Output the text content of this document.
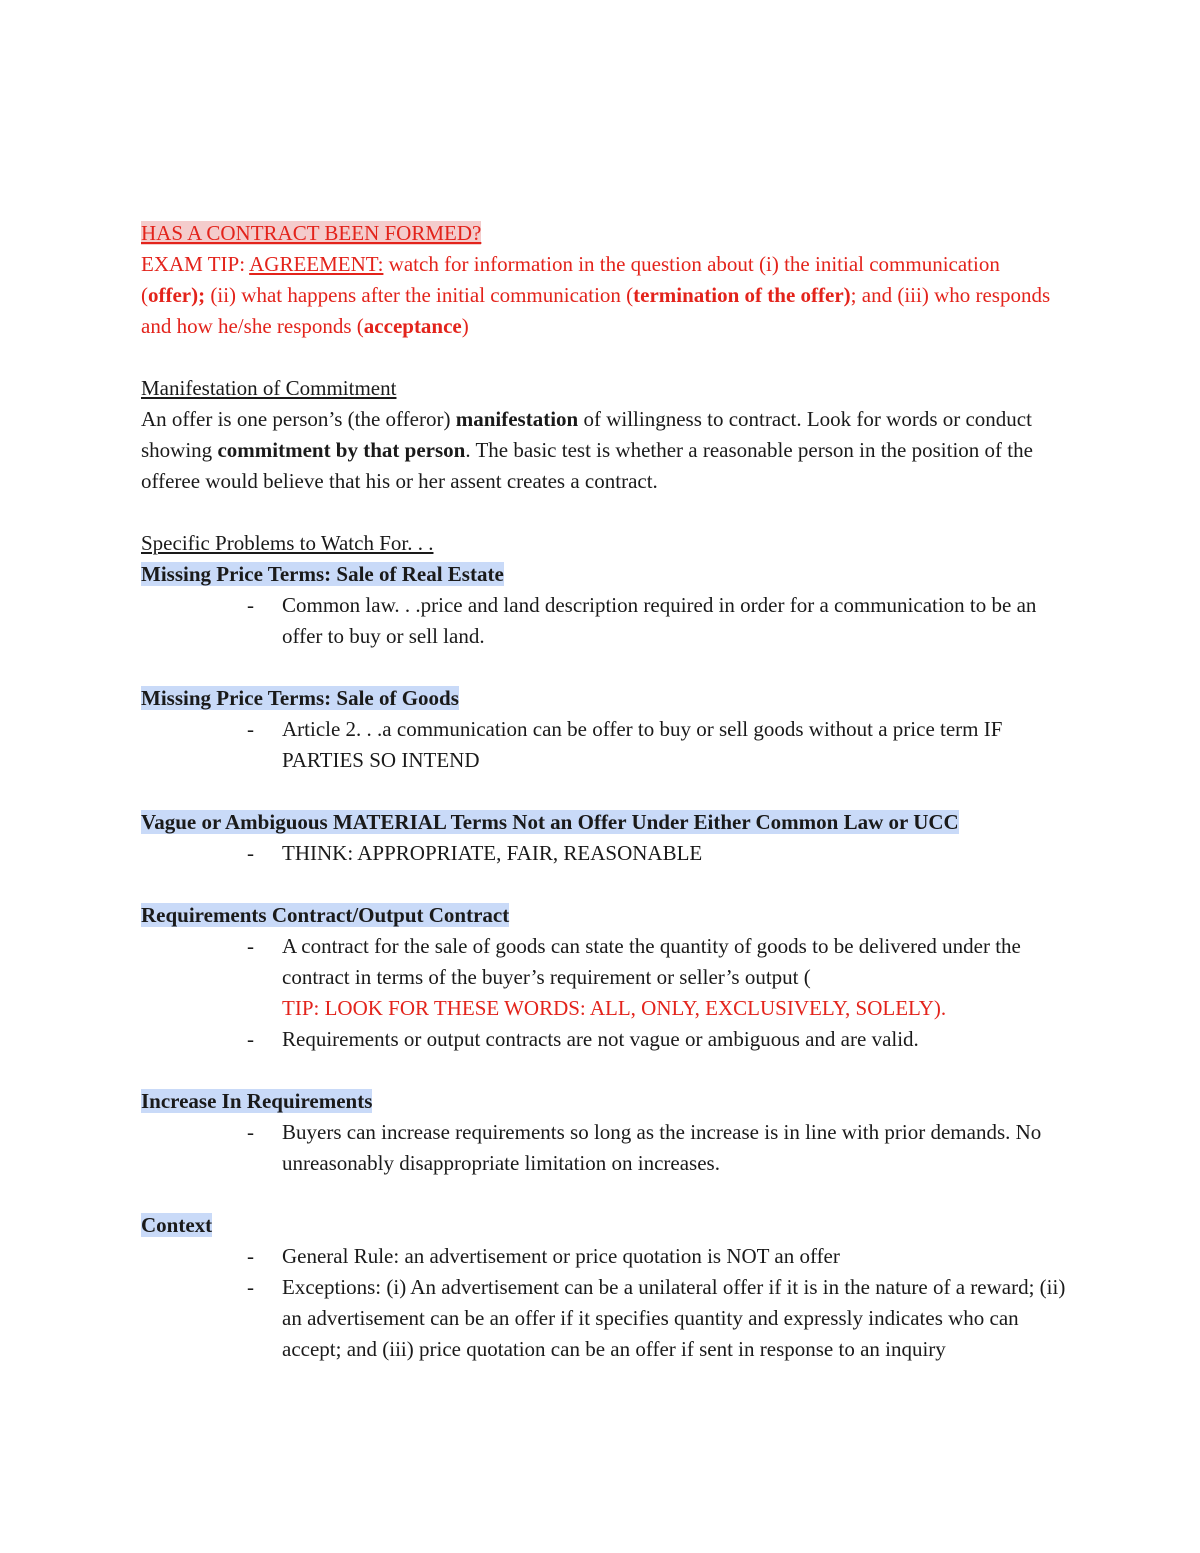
HAS A CONTRACT BEEN FORMED?

EXAM TIP: AGREEMENT: watch for information in the question about (i) the initial communication (offer); (ii) what happens after the initial communication (termination of the offer); and (iii) who responds and how he/she responds (acceptance)

Manifestation of Commitment

An offer is one person’s (the offeror) manifestation of willingness to contract. Look for words or conduct showing commitment by that person. The basic test is whether a reasonable person in the position of the offeree would believe that his or her assent creates a contract.

Specific Problems to Watch For. . .

Missing Price Terms: Sale of Real Estate

- Common law. . .price and land description required in order for a communication to be an offer to buy or sell land.

Missing Price Terms: Sale of Goods

- Article 2. . .a communication can be offer to buy or sell goods without a price term IF PARTIES SO INTEND

Vague or Ambiguous MATERIAL Terms Not an Offer Under Either Common Law or UCC

- THINK: APPROPRIATE, FAIR, REASONABLE

Requirements Contract/Output Contract

- A contract for the sale of goods can state the quantity of goods to be delivered under the contract in terms of the buyer’s requirement or seller’s output (
TIP: LOOK FOR THESE WORDS: ALL, ONLY, EXCLUSIVELY, SOLELY).
- Requirements or output contracts are not vague or ambiguous and are valid.

Increase In Requirements

- Buyers can increase requirements so long as the increase is in line with prior demands. No unreasonably disappropriate limitation on increases.

Context

- General Rule: an advertisement or price quotation is NOT an offer
- Exceptions: (i) An advertisement can be a unilateral offer if it is in the nature of a reward; (ii) an advertisement can be an offer if it specifies quantity and expressly indicates who can accept; and (iii) price quotation can be an offer if sent in response to an inquiry
